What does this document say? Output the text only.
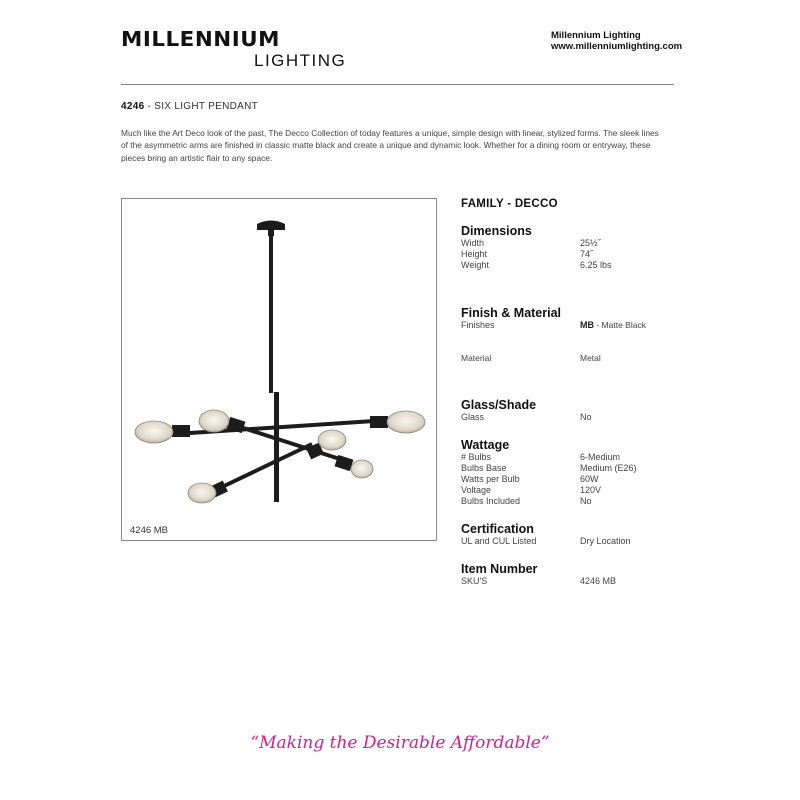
MILLENNIUM
LIGHTING
Millennium Lighting
www.millenniumlighting.com
4246 - SIX LIGHT PENDANT
Much like the Art Deco look of the past, The Decco Collection of today features a unique, simple design with linear, stylized forms. The sleek lines of the asymmetric arms are finished in classic matte black and create a unique and dynamic look. Whether for a dining room or entryway, these pieces bring an artistic flair to any space.
4246 MB
FAMILY - DECCO
Dimensions
Width	25½˝
Height	74˝
Weight	6.25 lbs
Finish & Material
Finishes	MB - Matte Black
Material	Metal
Glass/Shade
Glass	No
Wattage
# Bulbs	6-Medium
Bulbs Base	Medium (E26)
Watts per Bulb	60W
Voltage	120V
Bulbs Included	No
Certification
UL and CUL Listed	Dry Location
Item Number
SKU'S	4246 MB
“Making the Desirable Affordable”
